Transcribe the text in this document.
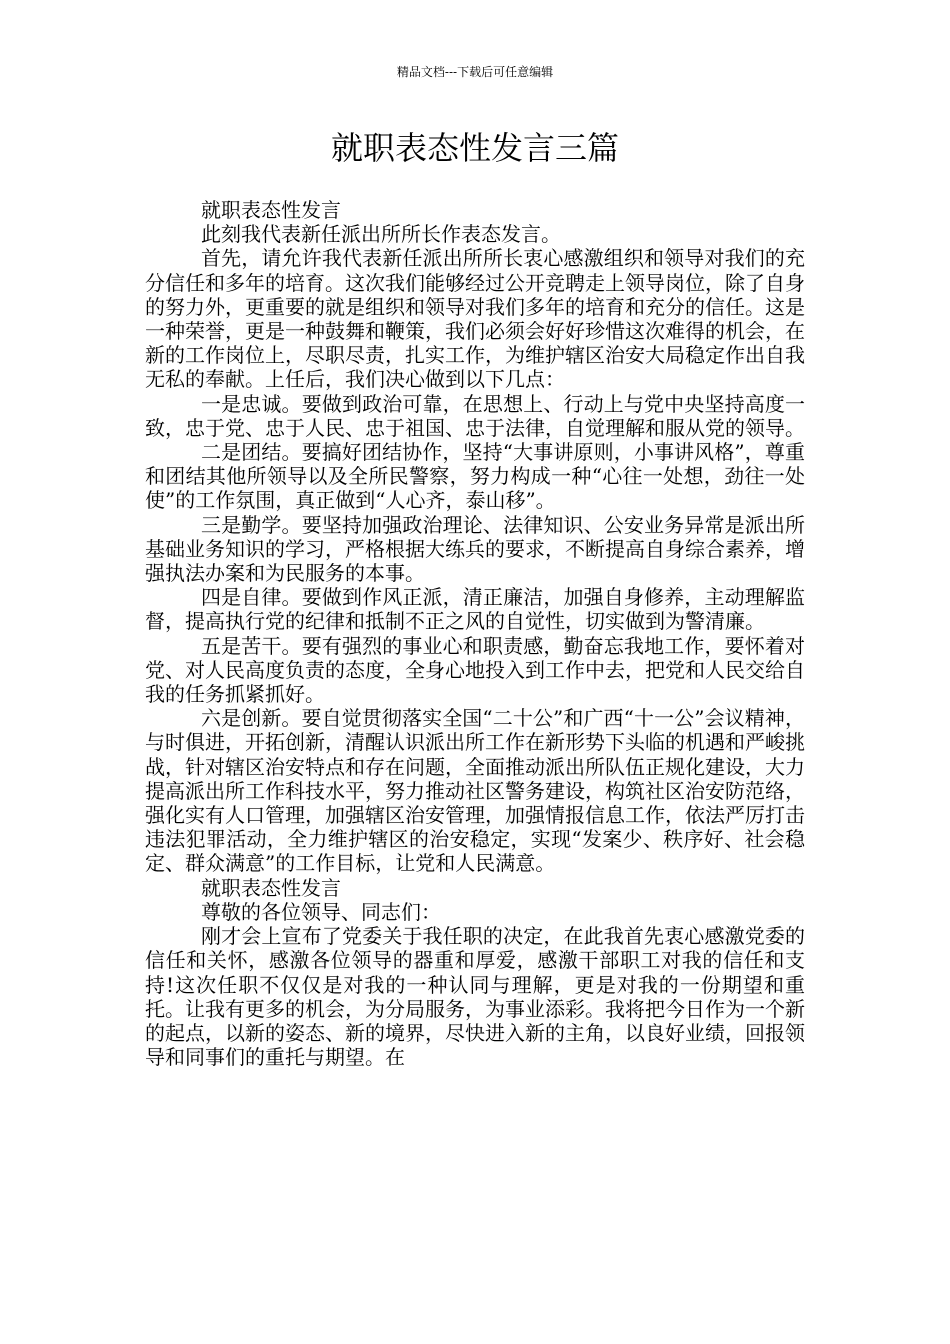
精品文档---下载后可任意编辑
就职表态性发言三篇

就职表态性发言

此刻我代表新任派出所所长作表态发言。

首先，请允许我代表新任派出所所长衷心感激组织和领导对我们的充分信任和多年的培育。这次我们能够经过公开竞聘走上领导岗位，除了自身的努力外，更重要的就是组织和领导对我们多年的培育和充分的信任。这是一种荣誉，更是一种鼓舞和鞭策，我们必须会好好珍惜这次难得的机会，在新的工作岗位上，尽职尽责，扎实工作，为维护辖区治安大局稳定作出自我无私的奉献。上任后，我们决心做到以下几点：

一是忠诚。要做到政治可靠，在思想上、行动上与党中央坚持高度一致，忠于党、忠于人民、忠于祖国、忠于法律，自觉理解和服从党的领导。

二是团结。要搞好团结协作，坚持“大事讲原则，小事讲风格”，尊重和团结其他所领导以及全所民警察，努力构成一种“心往一处想，劲往一处使”的工作氛围，真正做到“人心齐，泰山移”。

三是勤学。要坚持加强政治理论、法律知识、公安业务异常是派出所基础业务知识的学习，严格根据大练兵的要求，不断提高自身综合素养，增强执法办案和为民服务的本事。

四是自律。要做到作风正派，清正廉洁，加强自身修养，主动理解监督，提高执行党的纪律和抵制不正之风的自觉性，切实做到为警清廉。

五是苦干。要有强烈的事业心和职责感，勤奋忘我地工作，要怀着对党、对人民高度负责的态度，全身心地投入到工作中去，把党和人民交给自我的任务抓紧抓好。

六是创新。要自觉贯彻落实全国“二十公”和广西“十一公”会议精神，与时俱进，开拓创新，清醒认识派出所工作在新形势下头临的机遇和严峻挑战，针对辖区治安特点和存在问题，全面推动派出所队伍正规化建设，大力提高派出所工作科技水平，努力推动社区警务建设，构筑社区治安防范络，强化实有人口管理，加强辖区治安管理，加强情报信息工作，依法严厉打击违法犯罪活动，全力维护辖区的治安稳定，实现“发案少、秩序好、社会稳定、群众满意”的工作目标，让党和人民满意。

就职表态性发言

尊敬的各位领导、同志们：

刚才会上宣布了党委关于我任职的决定，在此我首先衷心感激党委的信任和关怀，感激各位领导的器重和厚爱，感激干部职工对我的信任和支持!这次任职不仅仅是对我的一种认同与理解，更是对我的一份期望和重托。让我有更多的机会，为分局服务，为事业添彩。我将把今日作为一个新的起点，以新的姿态、新的境界，尽快进入新的主角，以良好业绩，回报领导和同事们的重托与期望。在
